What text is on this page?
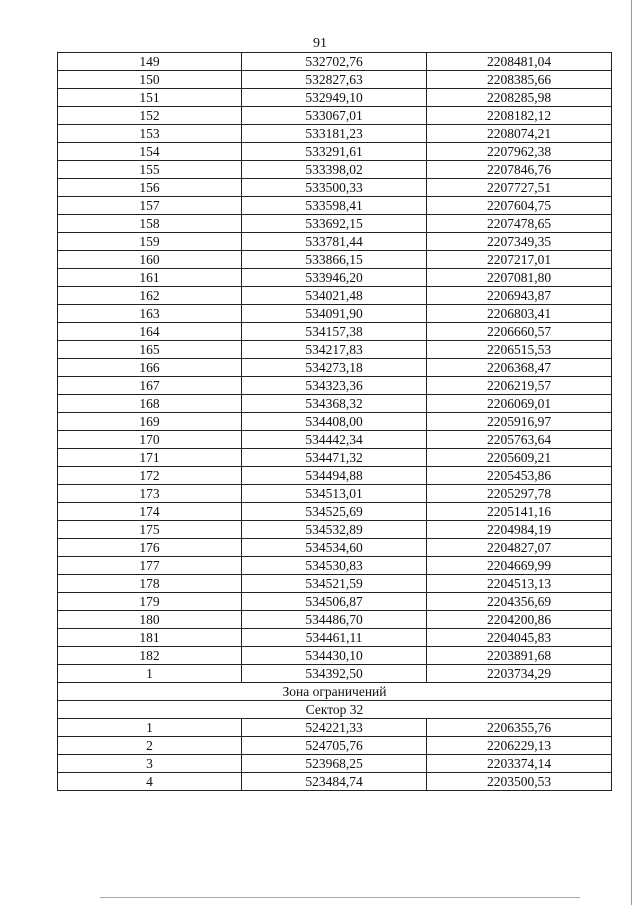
91
149	532702,76	2208481,04
150	532827,63	2208385,66
151	532949,10	2208285,98
152	533067,01	2208182,12
153	533181,23	2208074,21
154	533291,61	2207962,38
155	533398,02	2207846,76
156	533500,33	2207727,51
157	533598,41	2207604,75
158	533692,15	2207478,65
159	533781,44	2207349,35
160	533866,15	2207217,01
161	533946,20	2207081,80
162	534021,48	2206943,87
163	534091,90	2206803,41
164	534157,38	2206660,57
165	534217,83	2206515,53
166	534273,18	2206368,47
167	534323,36	2206219,57
168	534368,32	2206069,01
169	534408,00	2205916,97
170	534442,34	2205763,64
171	534471,32	2205609,21
172	534494,88	2205453,86
173	534513,01	2205297,78
174	534525,69	2205141,16
175	534532,89	2204984,19
176	534534,60	2204827,07
177	534530,83	2204669,99
178	534521,59	2204513,13
179	534506,87	2204356,69
180	534486,70	2204200,86
181	534461,11	2204045,83
182	534430,10	2203891,68
1	534392,50	2203734,29
Зона ограничений		
Сектор 32		
1	524221,33	2206355,76
2	524705,76	2206229,13
3	523968,25	2203374,14
4	523484,74	2203500,53
